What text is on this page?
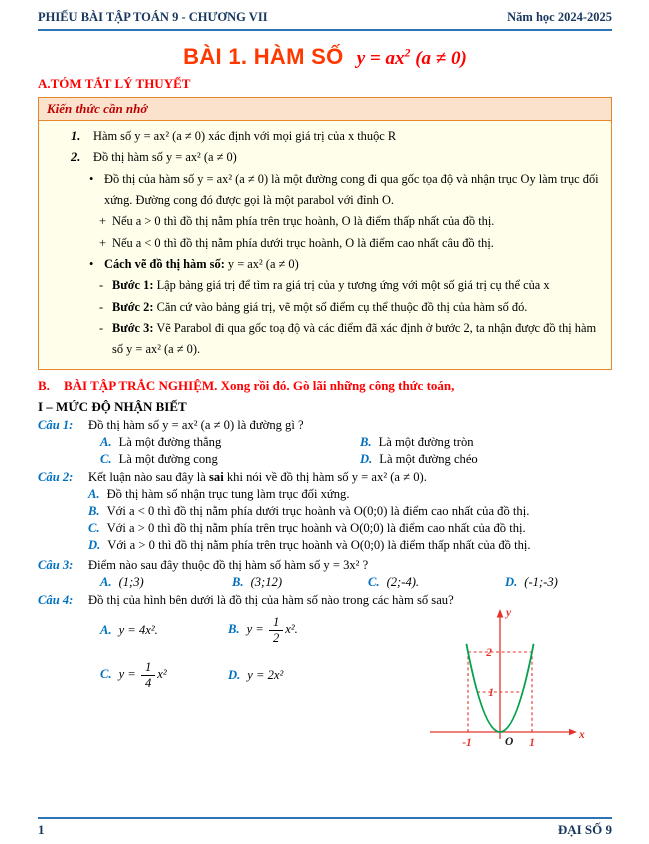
PHIẾU BÀI TẬP TOÁN 9 - CHƯƠNG VII	Năm học 2024-2025
BÀI 1. HÀM SỐ $y = ax^2$ (a ≠ 0)
A.TÓM TẮT LÝ THUYẾT
Kiến thức cần nhớ
1.	Hàm số y = ax² (a ≠ 0) xác định với mọi giá trị của x thuộc R
2.	Đồ thị hàm số y = ax² (a ≠ 0)
• Đồ thị của hàm số y = ax² (a ≠ 0) là một đường cong đi qua gốc tọa độ và nhận trục Oy làm trục đối xứng. Đường cong đó được gọi là một parabol với đỉnh O.
+ Nếu a > 0 thì đồ thị nằm phía trên trục hoành, O là điểm thấp nhất của đồ thị.
+ Nếu a < 0 thì đồ thị nằm phía dưới trục hoành, O là điểm cao nhất câu đồ thị.
• Cách vẽ đồ thị hàm số: y = ax² (a ≠ 0)
- Bước 1: Lập bảng giá trị để tìm ra giá trị của y tương ứng với một số giá trị cụ thể của x
- Bước 2: Căn cứ vào bảng giá trị, vẽ một số điểm cụ thể thuộc đồ thị của hàm số đó.
- Bước 3: Vẽ Parabol đi qua gốc toạ độ và các điểm đã xác định ở bước 2, ta nhận được đồ thị hàm số y = ax² (a ≠ 0).
B.	BÀI TẬP TRẮC NGHIỆM. Xong rồi đó. Gò lãi những công thức toán,
I – MỨC ĐỘ NHẬN BIẾT
Câu 1:	Đồ thị hàm số y = ax² (a ≠ 0) là đường gì ?
A. Là một đường thẳng	B. Là một đường tròn
C. Là một đường cong	D. Là một đường chéo
Câu 2:	Kết luận nào sau đây là sai khi nói về đồ thị hàm số y = ax² (a ≠ 0).
A. Đồ thị hàm số nhận trục tung làm trục đối xứng.
B. Với a < 0 thì đồ thị nằm phía dưới trục hoành và O(0;0) là điểm cao nhất của đồ thị.
C. Với a > 0 thì đồ thị nằm phía trên trục hoành và O(0;0) là điểm cao nhất của đồ thị.
D. Với a > 0 thì đồ thị nằm phía trên trục hoành và O(0;0) là điểm thấp nhất của đồ thị.
Câu 3:	Điểm nào sau đây thuộc đồ thị hàm số hàm số y = 3x² ?
A. (1;3)	B. (3;12)	C. (2;-4).	D. (-1;-3)
Câu 4:	Đồ thị của hình bên dưới là đồ thị của hàm số nào trong các hàm số sau?
A. y = 4x².	B. $y = \frac{1}{2} x^2$.
C. $y = \frac{1}{4} x^2$	D. y = 2x²
y
x
2
1
-1	O 1
1	ĐẠI SỐ 9
